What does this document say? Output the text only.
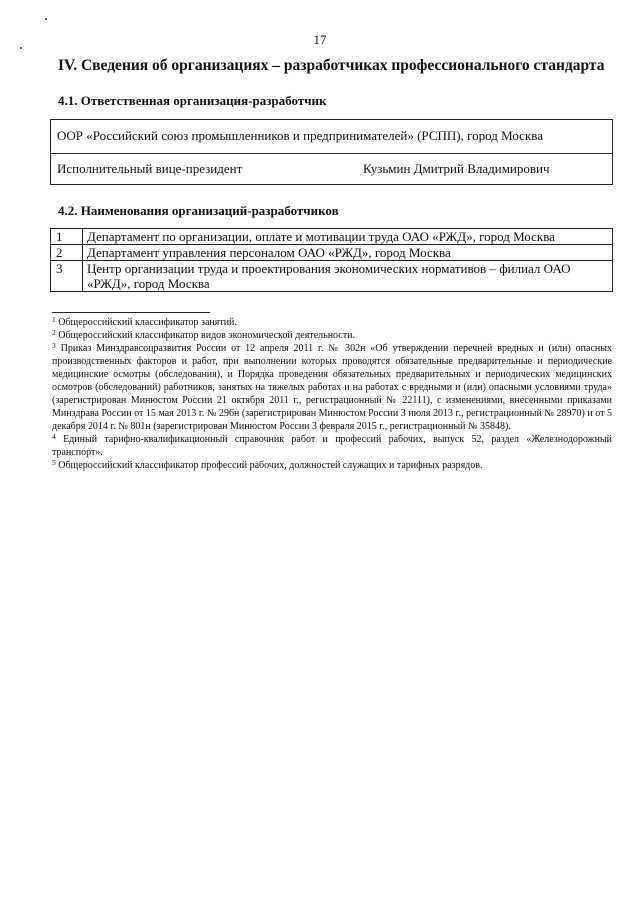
17
IV. Сведения об организациях – разработчиках профессионального стандарта
4.1. Ответственная организация-разработчик
ООР «Российский союз промышленников и предпринимателей» (РСПП), город Москва
Исполнительный вице-президент	Кузьмин Дмитрий Владимирович
4.2. Наименования организаций-разработчиков
1	Департамент по организации, оплате и мотивации труда ОАО «РЖД», город Москва
2	Департамент управления персоналом ОАО «РЖД», город Москва
3	Центр организации труда и проектирования экономических нормативов – филиал ОАО «РЖД», город Москва
$^1$ Общероссийский классификатор занятий.
$^2$ Общероссийский классификатор видов экономической деятельности.
$^3$ Приказ Минздравсоцразвития России от 12 апреля 2011 г. № 302н «Об утверждении перечней вредных и (или) опасных производственных факторов и работ, при выполнении которых проводятся обязательные предварительные и периодические медицинские осмотры (обследования), и Порядка проведения обязательных предварительных и периодических медицинских осмотров (обследований) работников, занятых на тяжелых работах и на работах с вредными и (или) опасными условиями труда» (зарегистрирован Минюстом России 21 октября 2011 г., регистрационный № 22111), с изменениями, внесенными приказами Минздрава России от 15 мая 2013 г. № 296н (зарегистрирован Минюстом России 3 июля 2013 г., регистрационный № 28970) и от 5 декабря 2014 г. № 801н (зарегистрирован Минюстом России 3 февраля 2015 г., регистрационный № 35848).
$^4$ Единый тарифно-квалификационный справочник работ и профессий рабочих, выпуск 52, раздел «Железнодорожный транспорт».
$^5$ Общероссийский классификатор профессий рабочих, должностей служащих и тарифных разрядов.
